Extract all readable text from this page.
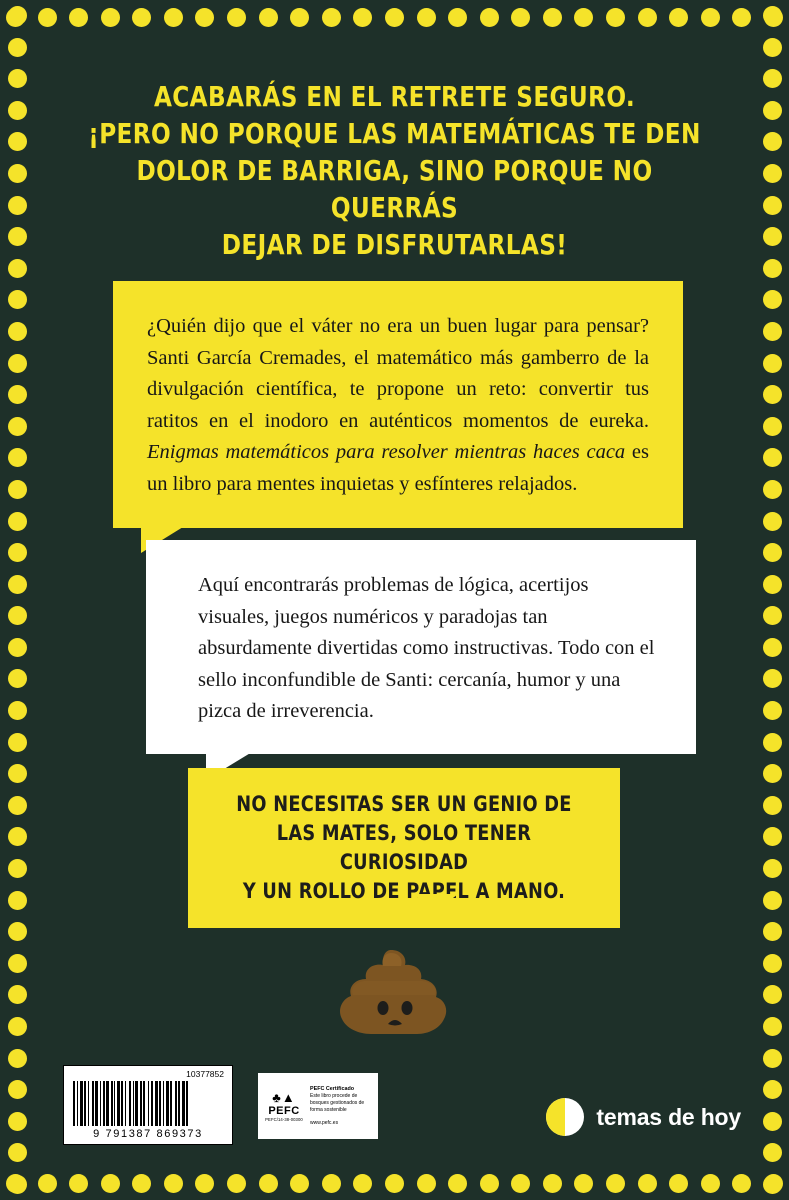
ACABARÁS EN EL RETRETE SEGURO.
¡PERO NO PORQUE LAS MATEMÁTICAS TE DEN
DOLOR DE BARRIGA, SINO PORQUE NO QUERRÁS
DEJAR DE DISFRUTARLAS!
¿Quién dijo que el váter no era un buen lugar para pensar? Santi García Cremades, el matemático más gamberro de la divulgación científica, te propone un reto: convertir tus ratitos en el inodoro en auténticos momentos de eureka. Enigmas matemáticos para resolver mientras haces caca es un libro para mentes inquietas y esfínteres relajados.
Aquí encontrarás problemas de lógica, acertijos visuales, juegos numéricos y paradojas tan absurdamente divertidas como instructivas. Todo con el sello inconfundible de Santi: cercanía, humor y una pizca de irreverencia.
NO NECESITAS SER UN GENIO DE
LAS MATES, SOLO TENER CURIOSIDAD
Y UN ROLLO DE PAPEL A MANO.
10377852
9 791387 869373
♣▲
PEFC
PEFC/14-38-00300
PEFC Certificado
Este libro procede de bosques gestionados de forma sostenible
www.pefc.es	temas de hoy
